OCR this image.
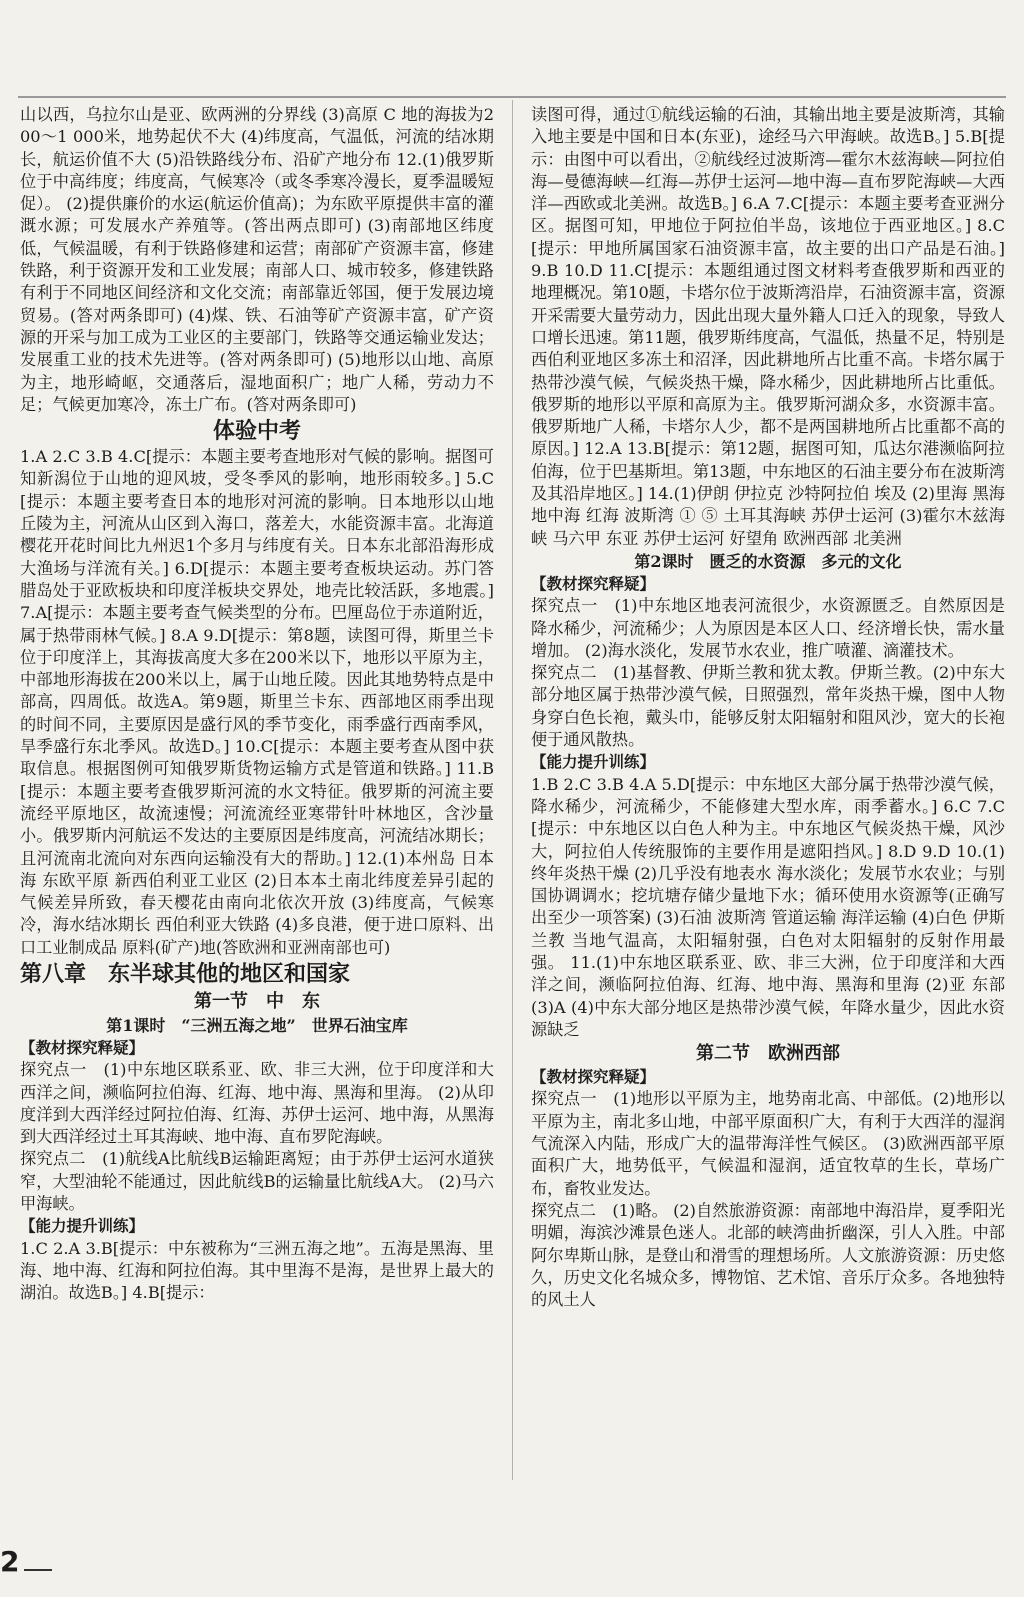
山以西，乌拉尔山是亚、欧两洲的分界线 (3)高原 C 地的海拔为200～1 000米，地势起伏不大 (4)纬度高，气温低，河流的结冰期长，航运价值不大 (5)沿铁路线分布、沿矿产地分布 12.(1)俄罗斯位于中高纬度；纬度高，气候寒冷（或冬季寒冷漫长，夏季温暖短促）。 (2)提供廉价的水运(航运价值高)；为东欧平原提供丰富的灌溉水源；可发展水产养殖等。(答出两点即可) (3)南部地区纬度低，气候温暖，有利于铁路修建和运营；南部矿产资源丰富，修建铁路，利于资源开发和工业发展；南部人口、城市较多，修建铁路有利于不同地区间经济和文化交流；南部靠近邻国，便于发展边境贸易。(答对两条即可) (4)煤、铁、石油等矿产资源丰富，矿产资源的开采与加工成为工业区的主要部门，铁路等交通运输业发达；发展重工业的技术先进等。(答对两条即可) (5)地形以山地、高原为主，地形崎岖，交通落后，湿地面积广；地广人稀，劳动力不足；气候更加寒冷，冻土广布。(答对两条即可)

体验中考

1.A 2.C 3.B 4.C[提示：本题主要考查地形对气候的影响。据图可知新潟位于山地的迎风坡，受冬季风的影响，地形雨较多。] 5.C[提示：本题主要考查日本的地形对河流的影响。日本地形以山地丘陵为主，河流从山区到入海口，落差大，水能资源丰富。北海道樱花开花时间比九州迟1个多月与纬度有关。日本东北部沿海形成大渔场与洋流有关。] 6.D[提示：本题主要考查板块运动。苏门答腊岛处于亚欧板块和印度洋板块交界处，地壳比较活跃，多地震。] 7.A[提示：本题主要考查气候类型的分布。巴厘岛位于赤道附近，属于热带雨林气候。] 8.A 9.D[提示：第8题，读图可得，斯里兰卡位于印度洋上，其海拔高度大多在200米以下，地形以平原为主，中部地形海拔在200米以上，属于山地丘陵。因此其地势特点是中部高，四周低。故选A。第9题，斯里兰卡东、西部地区雨季出现的时间不同，主要原因是盛行风的季节变化，雨季盛行西南季风，旱季盛行东北季风。故选D。] 10.C[提示：本题主要考查从图中获取信息。根据图例可知俄罗斯货物运输方式是管道和铁路。] 11.B[提示：本题主要考查俄罗斯河流的水文特征。俄罗斯的河流主要流经平原地区，故流速慢；河流流经亚寒带针叶林地区，含沙量小。俄罗斯内河航运不发达的主要原因是纬度高，河流结冰期长；且河流南北流向对东西向运输没有大的帮助。] 12.(1)本州岛 日本海 东欧平原 新西伯利亚工业区 (2)日本本土南北纬度差异引起的气候差异所致，春天樱花由南向北依次开放 (3)纬度高，气候寒冷，海水结冰期长 西伯利亚大铁路 (4)多良港，便于进口原料、出口工业制成品 原料(矿产)地(答欧洲和亚洲南部也可)

第八章　东半球其他的地区和国家

第一节　中　东

第1课时　“三洲五海之地”　世界石油宝库

【教材探究释疑】

探究点一　(1)中东地区联系亚、欧、非三大洲，位于印度洋和大西洋之间，濒临阿拉伯海、红海、地中海、黑海和里海。 (2)从印度洋到大西洋经过阿拉伯海、红海、苏伊士运河、地中海，从黑海到大西洋经过土耳其海峡、地中海、直布罗陀海峡。

探究点二　(1)航线A比航线B运输距离短；由于苏伊士运河水道狭窄，大型油轮不能通过，因此航线B的运输量比航线A大。 (2)马六甲海峡。

【能力提升训练】

1.C 2.A 3.B[提示：中东被称为“三洲五海之地”。五海是黑海、里海、地中海、红海和阿拉伯海。其中里海不是海，是世界上最大的湖泊。故选B。] 4.B[提示：

读图可得，通过①航线运输的石油，其输出地主要是波斯湾，其输入地主要是中国和日本(东亚)，途经马六甲海峡。故选B。] 5.B[提示：由图中可以看出，②航线经过波斯湾—霍尔木兹海峡—阿拉伯海—曼德海峡—红海—苏伊士运河—地中海—直布罗陀海峡—大西洋—西欧或北美洲。故选B。] 6.A 7.C[提示：本题主要考查亚洲分区。据图可知，甲地位于阿拉伯半岛，该地位于西亚地区。] 8.C[提示：甲地所属国家石油资源丰富，故主要的出口产品是石油。] 9.B 10.D 11.C[提示：本题组通过图文材料考查俄罗斯和西亚的地理概况。第10题，卡塔尔位于波斯湾沿岸，石油资源丰富，资源开采需要大量劳动力，因此出现大量外籍人口迁入的现象，导致人口增长迅速。第11题，俄罗斯纬度高，气温低，热量不足，特别是西伯利亚地区多冻土和沼泽，因此耕地所占比重不高。卡塔尔属于热带沙漠气候，气候炎热干燥，降水稀少，因此耕地所占比重低。俄罗斯的地形以平原和高原为主。俄罗斯河湖众多，水资源丰富。俄罗斯地广人稀，卡塔尔人少，都不是两国耕地所占比重都不高的原因。] 12.A 13.B[提示：第12题，据图可知，瓜达尔港濒临阿拉伯海，位于巴基斯坦。第13题，中东地区的石油主要分布在波斯湾及其沿岸地区。] 14.(1)伊朗 伊拉克 沙特阿拉伯 埃及 (2)里海 黑海 地中海 红海 波斯湾 ① ⑤ 土耳其海峡 苏伊士运河 (3)霍尔木兹海峡 马六甲 东亚 苏伊士运河 好望角 欧洲西部 北美洲

第2课时　匮乏的水资源　多元的文化

【教材探究释疑】

探究点一　(1)中东地区地表河流很少，水资源匮乏。自然原因是降水稀少，河流稀少；人为原因是本区人口、经济增长快，需水量增加。 (2)海水淡化，发展节水农业，推广喷灌、滴灌技术。

探究点二　(1)基督教、伊斯兰教和犹太教。伊斯兰教。(2)中东大部分地区属于热带沙漠气候，日照强烈，常年炎热干燥，图中人物身穿白色长袍，戴头巾，能够反射太阳辐射和阻风沙，宽大的长袍便于通风散热。

【能力提升训练】

1.B 2.C 3.B 4.A 5.D[提示：中东地区大部分属于热带沙漠气候，降水稀少，河流稀少，不能修建大型水库，雨季蓄水。] 6.C 7.C[提示：中东地区以白色人种为主。中东地区气候炎热干燥，风沙大，阿拉伯人传统服饰的主要作用是遮阳挡风。] 8.D 9.D 10.(1)终年炎热干燥 (2)几乎没有地表水 海水淡化；发展节水农业；与别国协调调水；挖坑塘存储少量地下水；循环使用水资源等(正确写出至少一项答案) (3)石油 波斯湾 管道运输 海洋运输 (4)白色 伊斯兰教 当地气温高，太阳辐射强，白色对太阳辐射的反射作用最强。 11.(1)中东地区联系亚、欧、非三大洲，位于印度洋和大西洋之间，濒临阿拉伯海、红海、地中海、黑海和里海 (2)亚 东部 (3)A (4)中东大部分地区是热带沙漠气候，年降水量少，因此水资源缺乏

第二节　欧洲西部

【教材探究释疑】

探究点一　(1)地形以平原为主，地势南北高、中部低。(2)地形以平原为主，南北多山地，中部平原面积广大，有利于大西洋的湿润气流深入内陆，形成广大的温带海洋性气候区。 (3)欧洲西部平原面积广大，地势低平，气候温和湿润，适宜牧草的生长，草场广布，畜牧业发达。

探究点二　(1)略。 (2)自然旅游资源：南部地中海沿岸，夏季阳光明媚，海滨沙滩景色迷人。北部的峡湾曲折幽深，引人入胜。中部阿尔卑斯山脉，是登山和滑雪的理想场所。人文旅游资源：历史悠久，历史文化名城众多，博物馆、艺术馆、音乐厅众多。各地独特的风土人

2
